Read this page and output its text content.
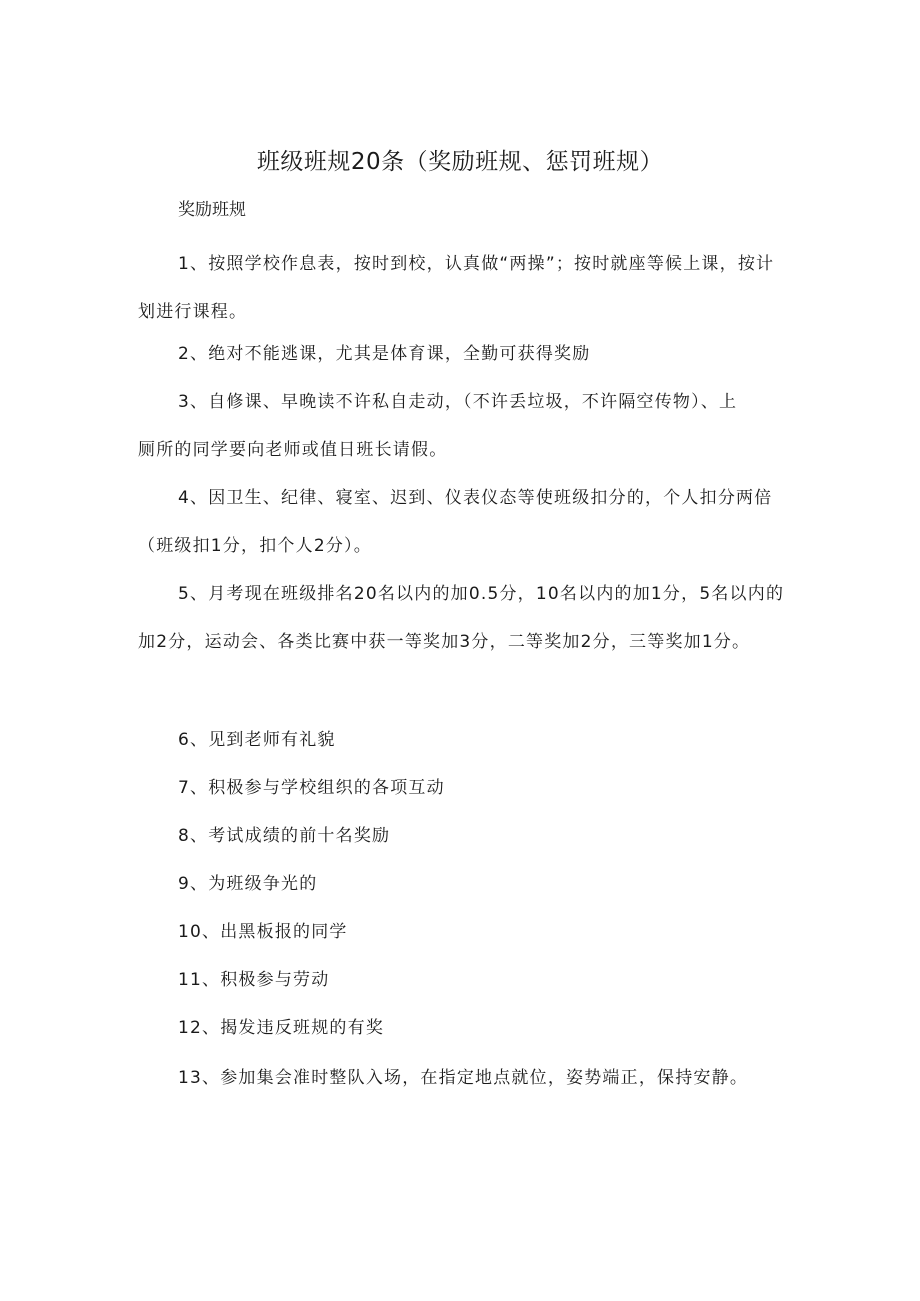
班级班规20条（奖励班规、惩罚班规）
奖励班规

1、按照学校作息表，按时到校，认真做“两操”；按时就座等候上课，按计划进行课程。

2、绝对不能逃课，尤其是体育课，全勤可获得奖励

3、自修课、早晚读不许私自走动，（不许丢垃圾，不许隔空传物）、上厕所的同学要向老师或值日班长请假。

4、因卫生、纪律、寝室、迟到、仪表仪态等使班级扣分的，个人扣分两倍（班级扣1分，扣个人2分）。

5、月考现在班级排名20名以内的加0.5分，10名以内的加1分，5名以内的加2分，运动会、各类比赛中获一等奖加3分，二等奖加2分，三等奖加1分。

6、见到老师有礼貌

7、积极参与学校组织的各项互动

8、考试成绩的前十名奖励

9、为班级争光的

10、出黑板报的同学

11、积极参与劳动

12、揭发违反班规的有奖

13、参加集会准时整队入场，在指定地点就位，姿势端正，保持安静。
